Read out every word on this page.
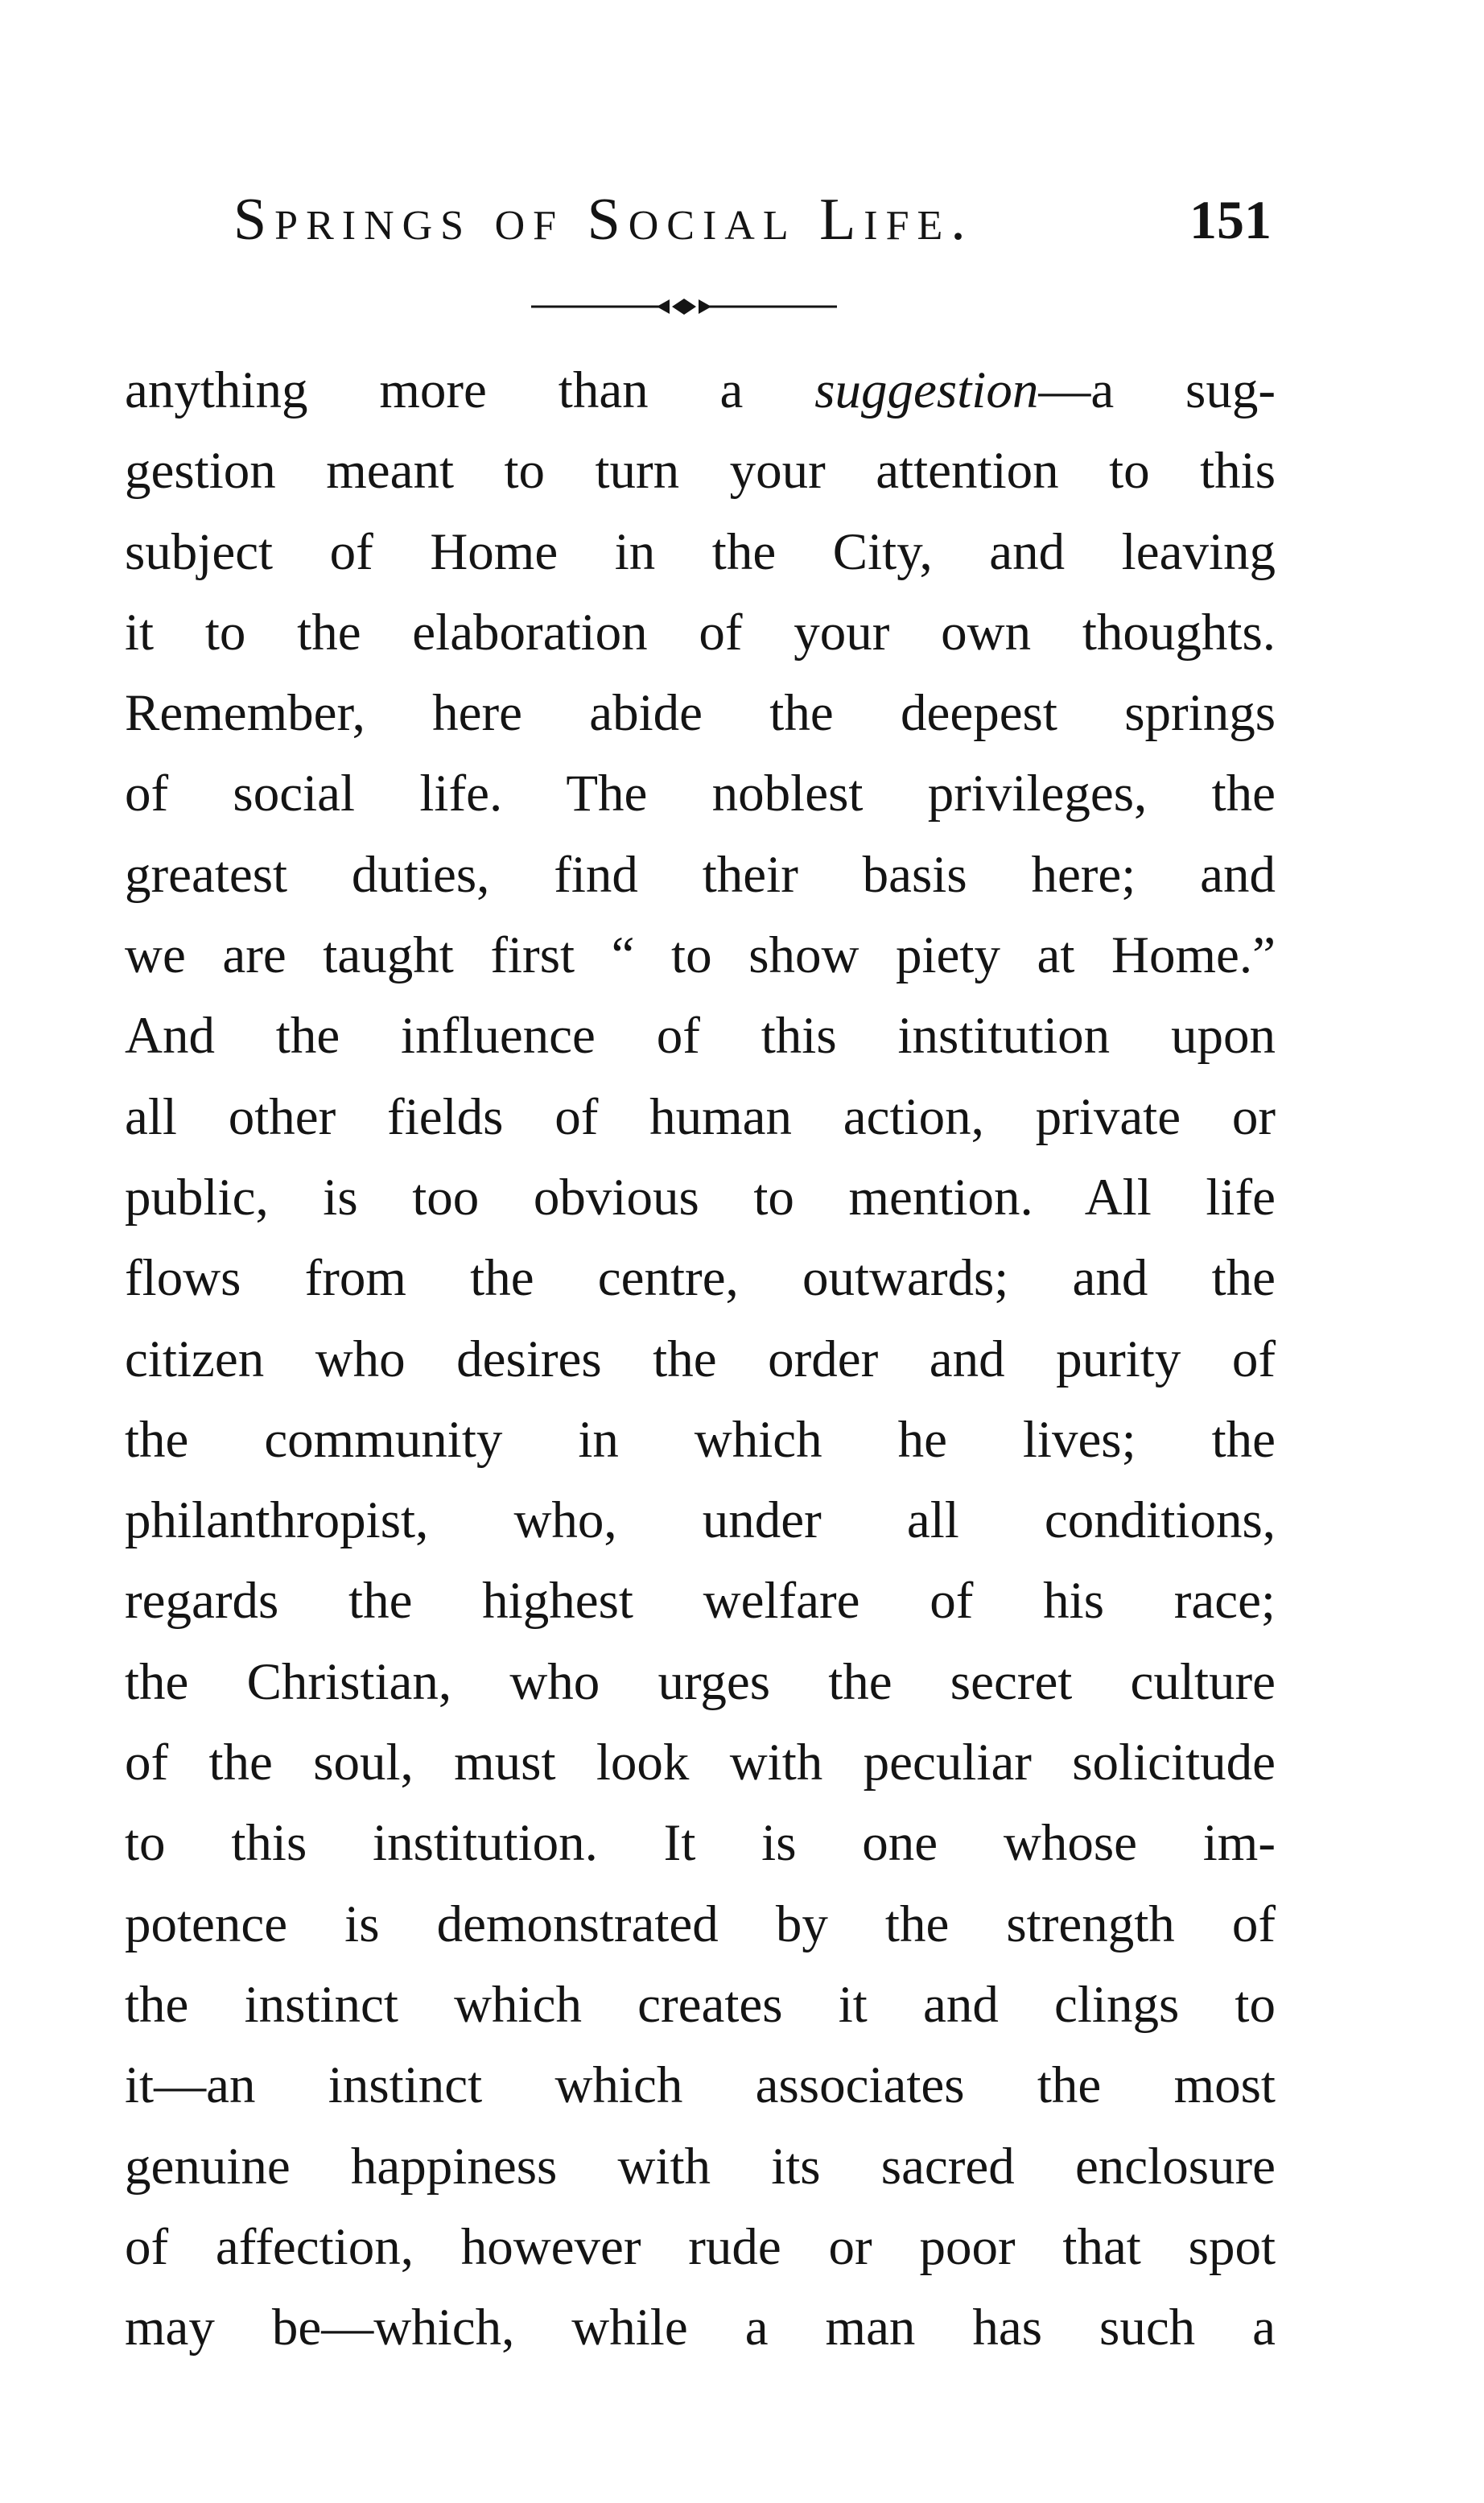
Springs of Social Life.	151
anything more than a suggestion—a sug-
gestion meant to turn your attention to this
subject of Home in the City, and leaving
it to the elaboration of your own thoughts.
Remember, here abide the deepest springs
of social life. The noblest privileges, the
greatest duties, find their basis here; and
we are taught first “ to show piety at Home.”
And the influence of this institution upon
all other fields of human action, private or
public, is too obvious to mention. All life
flows from the centre, outwards; and the
citizen who desires the order and purity of
the community in which he lives; the
philanthropist, who, under all conditions,
regards the highest welfare of his race;
the Christian, who urges the secret culture
of the soul, must look with peculiar solicitude
to this institution. It is one whose im-
potence is demonstrated by the strength of
the instinct which creates it and clings to
it—an instinct which associates the most
genuine happiness with its sacred enclosure
of affection, however rude or poor that spot
may be—which, while a man has such a
